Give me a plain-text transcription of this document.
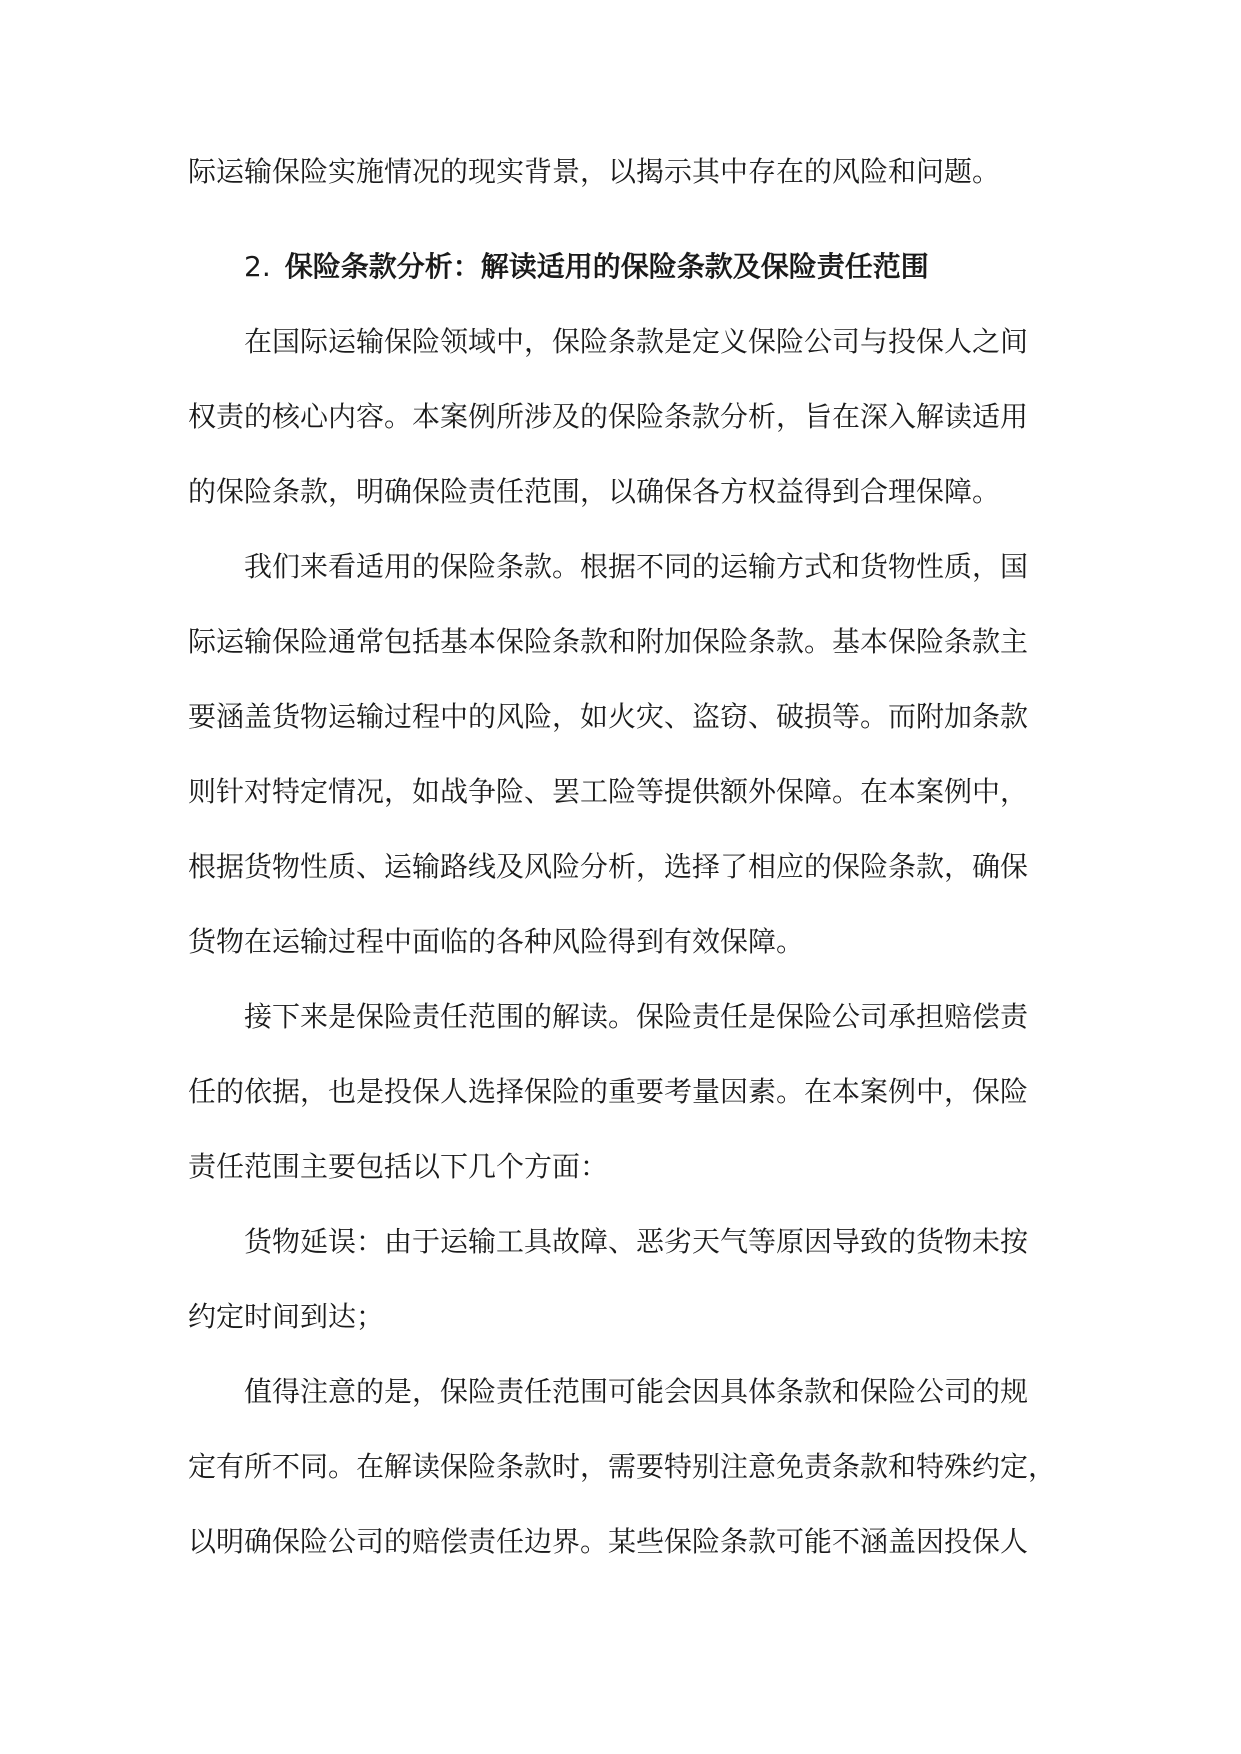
际运输保险实施情况的现实背景，以揭示其中存在的风险和问题。
2. 保险条款分析：解读适用的保险条款及保险责任范围
在国际运输保险领域中，保险条款是定义保险公司与投保人之间
权责的核心内容。本案例所涉及的保险条款分析，旨在深入解读适用
的保险条款，明确保险责任范围，以确保各方权益得到合理保障。
我们来看适用的保险条款。根据不同的运输方式和货物性质，国
际运输保险通常包括基本保险条款和附加保险条款。基本保险条款主
要涵盖货物运输过程中的风险，如火灾、盗窃、破损等。而附加条款
则针对特定情况，如战争险、罢工险等提供额外保障。在本案例中，
根据货物性质、运输路线及风险分析，选择了相应的保险条款，确保
货物在运输过程中面临的各种风险得到有效保障。
接下来是保险责任范围的解读。保险责任是保险公司承担赔偿责
任的依据，也是投保人选择保险的重要考量因素。在本案例中，保险
责任范围主要包括以下几个方面：
货物延误：由于运输工具故障、恶劣天气等原因导致的货物未按
约定时间到达；
值得注意的是，保险责任范围可能会因具体条款和保险公司的规
定有所不同。在解读保险条款时，需要特别注意免责条款和特殊约定，
以明确保险公司的赔偿责任边界。某些保险条款可能不涵盖因投保人
